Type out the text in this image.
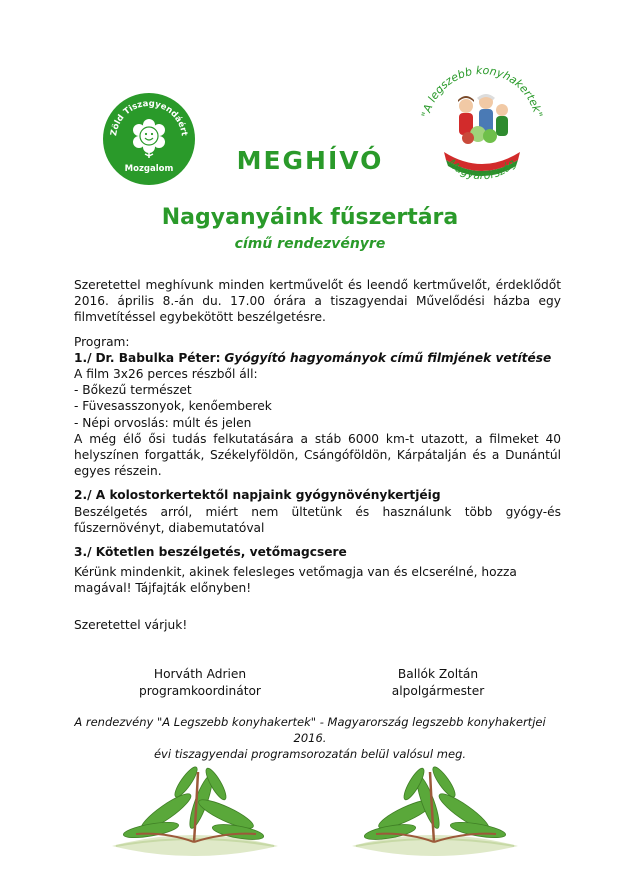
Zöld Tiszagyendáért
Mozgalom
"A legszebb konyhakertek"
Magyarország
MEGHÍVÓ
Nagyanyáink fűszertára
című rendezvényre

Szeretettel meghívunk minden kertművelőt és leendő kertművelőt, érdeklődőt 2016. április 8.-án du. 17.00 órára a tiszagyendai Művelődési házba egy filmvetítéssel egybekötött beszélgetésre.

Program:

1./ Dr. Babulka Péter: Gyógyító hagyományok című filmjének vetítése

A film 3x26 perces részből áll:

- Bőkezű természet

- Füvesasszonyok, kenőemberek

- Népi orvoslás: múlt és jelen

A még élő ősi tudás felkutatására a stáb 6000 km-t utazott, a filmeket 40 helyszínen forgatták, Székelyföldön, Csángóföldön, Kárpátalján és a Dunántúl egyes részein.

2./ A kolostorkertektől napjaink gyógynövénykertjéig

Beszélgetés arról, miért nem ültetünk és használunk több gyógy-és fűszernövényt, diabemutatóval

3./ Kötetlen beszélgetés, vetőmagcsere

Kérünk mindenkit, akinek felesleges vetőmagja van és elcserélné, hozza magával! Tájfajták előnyben!

Szeretettel várjuk!

Horváth Adrien
programkoordinátor
Ballók Zoltán
alpolgármester
A rendezvény "A Legszebb konyhakertek" - Magyarország legszebb konyhakertjei 2016.
évi tiszagyendai programsorozatán belül valósul meg.
